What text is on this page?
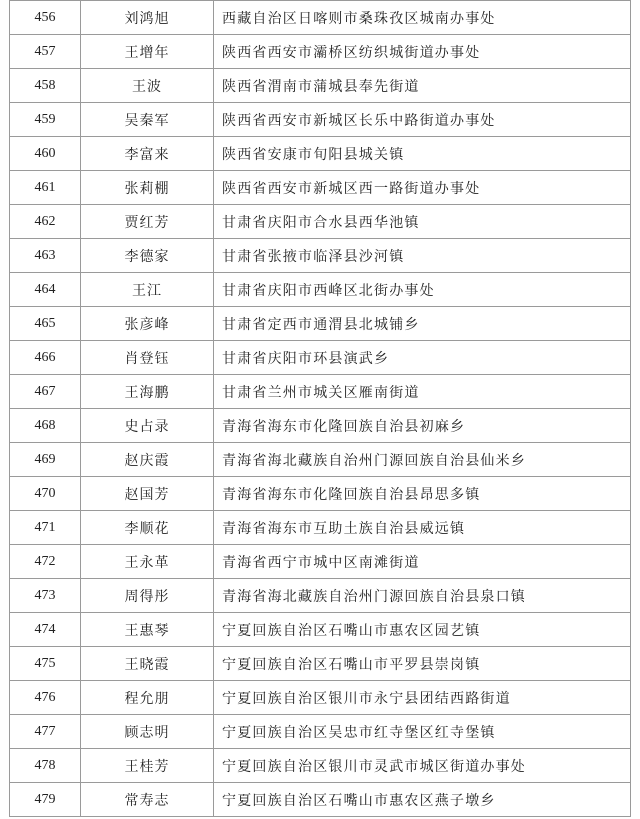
456	刘鸿旭	西藏自治区日喀则市桑珠孜区城南办事处
457	王增年	陕西省西安市灞桥区纺织城街道办事处
458	王波	陕西省渭南市蒲城县奉先街道
459	吴秦军	陕西省西安市新城区长乐中路街道办事处
460	李富来	陕西省安康市旬阳县城关镇
461	张莉棚	陕西省西安市新城区西一路街道办事处
462	贾红芳	甘肃省庆阳市合水县西华池镇
463	李德家	甘肃省张掖市临泽县沙河镇
464	王江	甘肃省庆阳市西峰区北街办事处
465	张彦峰	甘肃省定西市通渭县北城铺乡
466	肖登钰	甘肃省庆阳市环县演武乡
467	王海鹏	甘肃省兰州市城关区雁南街道
468	史占录	青海省海东市化隆回族自治县初麻乡
469	赵庆霞	青海省海北藏族自治州门源回族自治县仙米乡
470	赵国芳	青海省海东市化隆回族自治县昂思多镇
471	李顺花	青海省海东市互助土族自治县威远镇
472	王永革	青海省西宁市城中区南滩街道
473	周得彤	青海省海北藏族自治州门源回族自治县泉口镇
474	王惠琴	宁夏回族自治区石嘴山市惠农区园艺镇
475	王晓霞	宁夏回族自治区石嘴山市平罗县崇岗镇
476	程允朋	宁夏回族自治区银川市永宁县团结西路街道
477	顾志明	宁夏回族自治区吴忠市红寺堡区红寺堡镇
478	王桂芳	宁夏回族自治区银川市灵武市城区街道办事处
479	常寿志	宁夏回族自治区石嘴山市惠农区燕子墩乡
